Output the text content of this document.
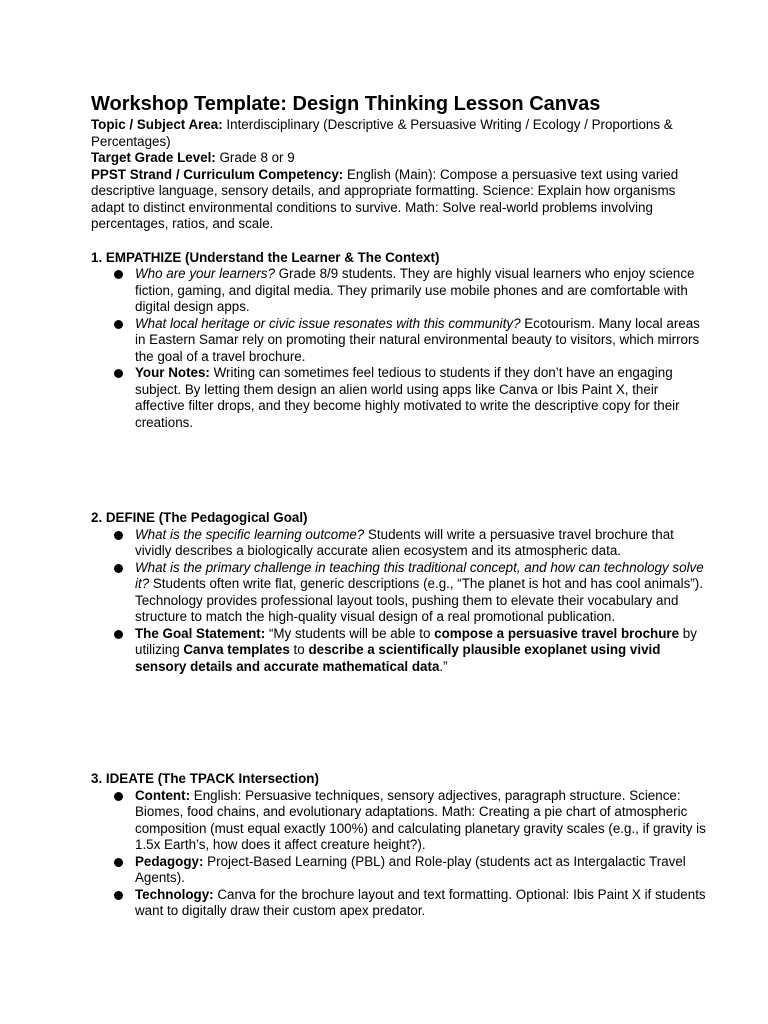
Workshop Template: Design Thinking Lesson Canvas
Topic / Subject Area: Interdisciplinary (Descriptive & Persuasive Writing / Ecology / Proportions & Percentages)
Target Grade Level: Grade 8 or 9
PPST Strand / Curriculum Competency: English (Main): Compose a persuasive text using varied descriptive language, sensory details, and appropriate formatting. Science: Explain how organisms adapt to distinct environmental conditions to survive. Math: Solve real-world problems involving percentages, ratios, and scale.

1. EMPATHIZE (Understand the Learner & The Context)

Who are your learners? Grade 8/9 students. They are highly visual learners who enjoy science fiction, gaming, and digital media. They primarily use mobile phones and are comfortable with digital design apps.
What local heritage or civic issue resonates with this community? Ecotourism. Many local areas in Eastern Samar rely on promoting their natural environmental beauty to visitors, which mirrors the goal of a travel brochure.
Your Notes: Writing can sometimes feel tedious to students if they don’t have an engaging subject. By letting them design an alien world using apps like Canva or Ibis Paint X, their affective filter drops, and they become highly motivated to write the descriptive copy for their creations.

2. DEFINE (The Pedagogical Goal)

What is the specific learning outcome? Students will write a persuasive travel brochure that vividly describes a biologically accurate alien ecosystem and its atmospheric data.
What is the primary challenge in teaching this traditional concept, and how can technology solve it? Students often write flat, generic descriptions (e.g., “The planet is hot and has cool animals”). Technology provides professional layout tools, pushing them to elevate their vocabulary and structure to match the high-quality visual design of a real promotional publication.
The Goal Statement: “My students will be able to compose a persuasive travel brochure by utilizing Canva templates to describe a scientifically plausible exoplanet using vivid sensory details and accurate mathematical data.”

3. IDEATE (The TPACK Intersection)

Content: English: Persuasive techniques, sensory adjectives, paragraph structure. Science: Biomes, food chains, and evolutionary adaptations. Math: Creating a pie chart of atmospheric composition (must equal exactly 100%) and calculating planetary gravity scales (e.g., if gravity is 1.5x Earth’s, how does it affect creature height?).
Pedagogy: Project-Based Learning (PBL) and Role-play (students act as Intergalactic Travel Agents).
Technology: Canva for the brochure layout and text formatting. Optional: Ibis Paint X if students want to digitally draw their custom apex predator.
